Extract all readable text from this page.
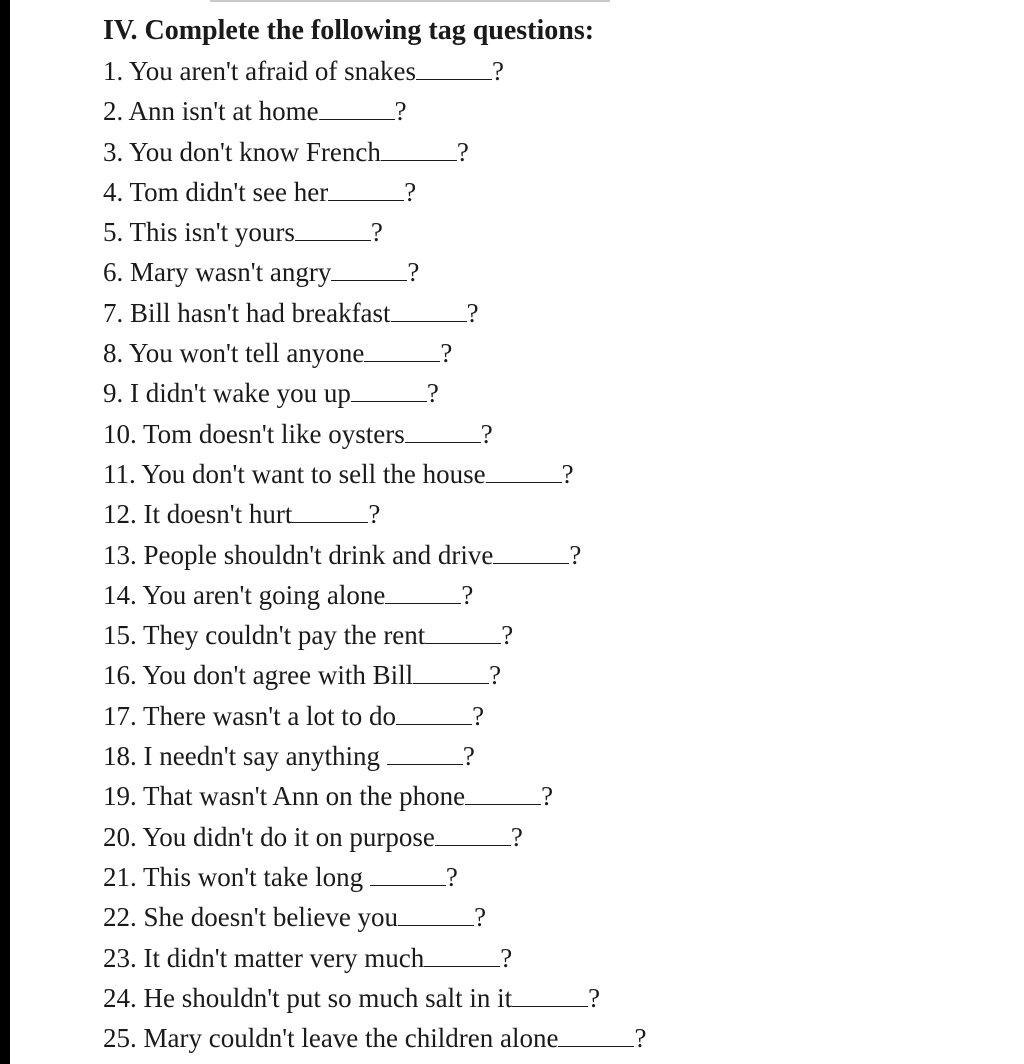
IV. Complete the following tag questions:
1. You aren't afraid of snakes	?
2. Ann isn't at home	?
3. You don't know French	?
4. Tom didn't see her	?
5. This isn't yours	?
6. Mary wasn't angry	?
7. Bill hasn't had breakfast	?
8. You won't tell anyone	?
9. I didn't wake you up	?
10. Tom doesn't like oysters	?
11. You don't want to sell the house	?
12. It doesn't hurt	?
13. People shouldn't drink and drive	?
14. You aren't going alone	?
15. They couldn't pay the rent	?
16. You don't agree with Bill	?
17. There wasn't a lot to do	?
18. I needn't say anything	?
19. That wasn't Ann on the phone	?
20. You didn't do it on purpose	?
21. This won't take long	?
22. She doesn't believe you	?
23. It didn't matter very much	?
24. He shouldn't put so much salt in it	?
25. Mary couldn't leave the children alone	?
